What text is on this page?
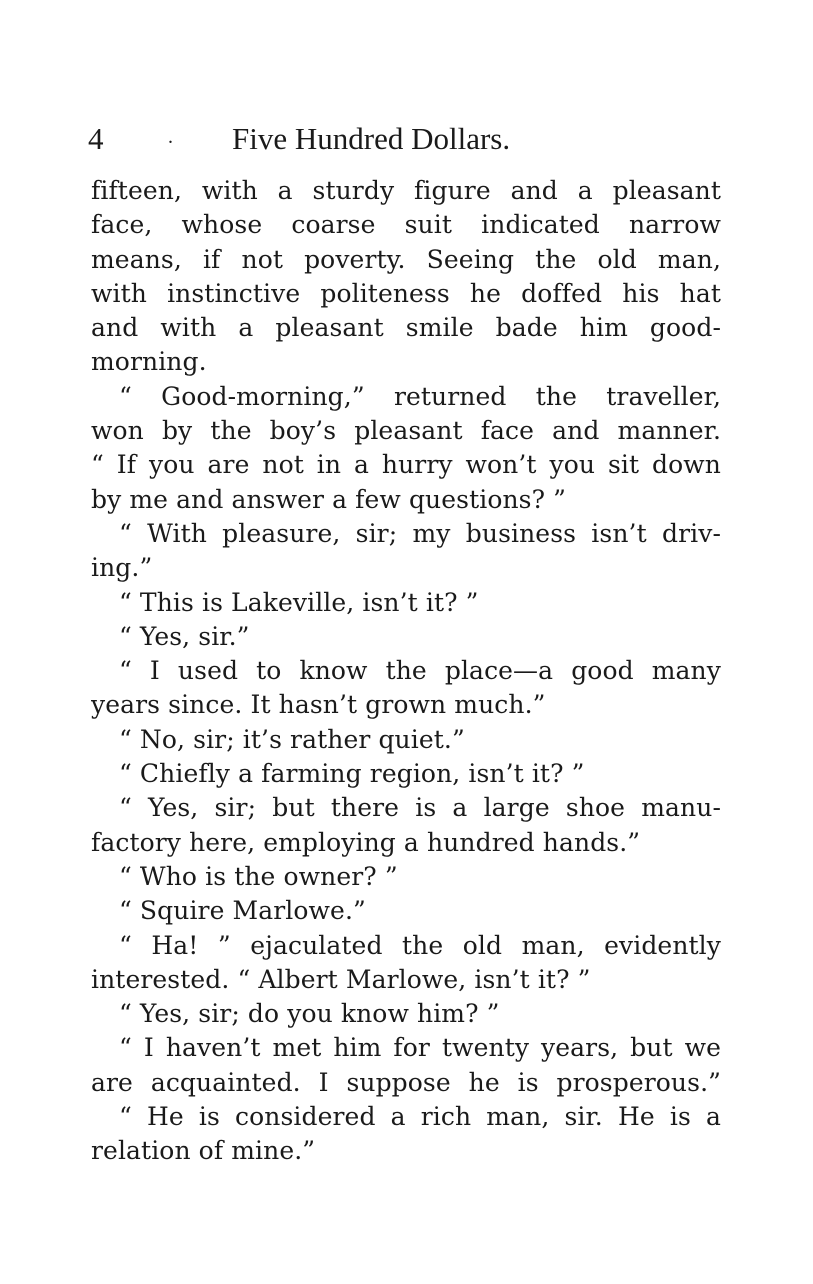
4	. Five Hundred Dollars.
fifteen, with a sturdy figure and a pleasant
face, whose coarse suit indicated narrow
means, if not poverty. Seeing the old man,
with instinctive politeness he doffed his hat
and with a pleasant smile bade him good-
morning.
“ Good-morning,” returned the traveller,
won by the boy’s pleasant face and manner.
“ If you are not in a hurry won’t you sit down
by me and answer a few questions? ”
“ With pleasure, sir; my business isn’t driv-
ing.”
“ This is Lakeville, isn’t it? ”
“ Yes, sir.”
“ I used to know the place—a good many
years since. It hasn’t grown much.”
“ No, sir; it’s rather quiet.”
“ Chiefly a farming region, isn’t it? ”
“ Yes, sir; but there is a large shoe manu-
factory here, employing a hundred hands.”
“ Who is the owner? ”
“ Squire Marlowe.”
“ Ha! ” ejaculated the old man, evidently
interested. “ Albert Marlowe, isn’t it? ”
“ Yes, sir; do you know him? ”
“ I haven’t met him for twenty years, but we
are acquainted. I suppose he is prosperous.”
“ He is considered a rich man, sir. He is a
relation of mine.”
